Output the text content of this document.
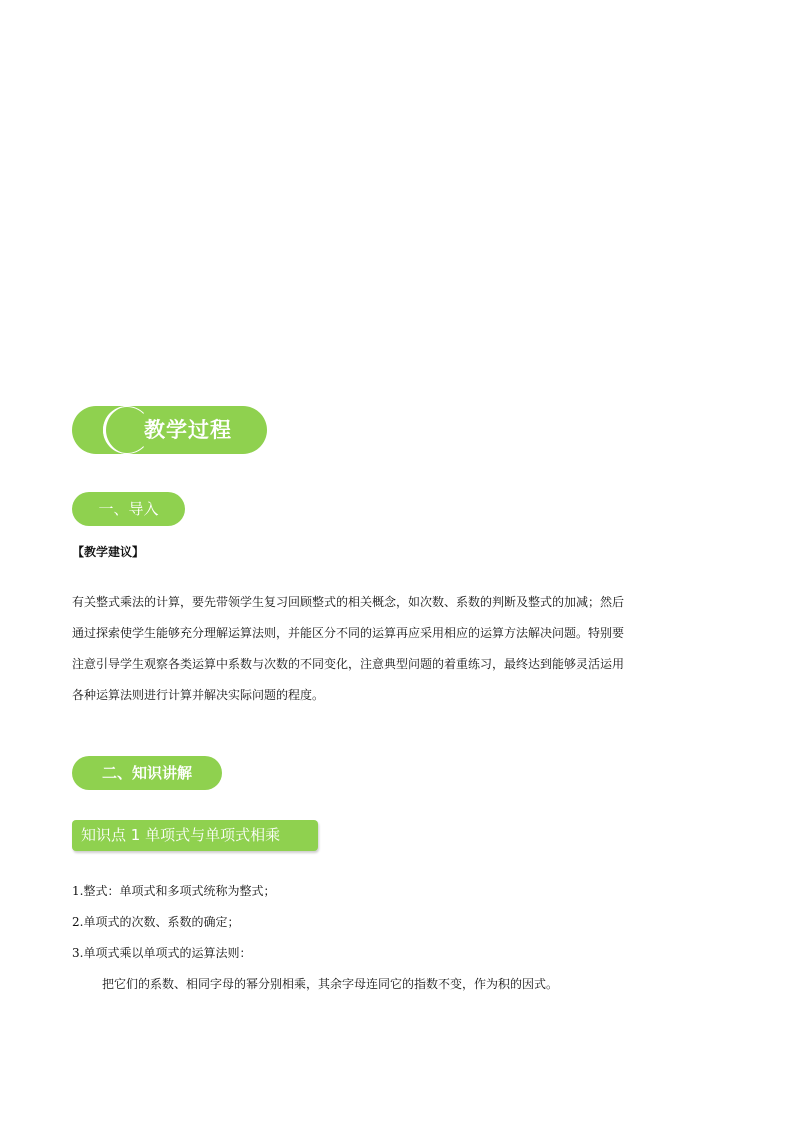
教学过程
一、导入
【教学建议】

有关整式乘法的计算，要先带领学生复习回顾整式的相关概念，如次数、系数的判断及整式的加减；然后
通过探索使学生能够充分理解运算法则，并能区分不同的运算再应采用相应的运算方法解决问题。特别要
注意引导学生观察各类运算中系数与次数的不同变化，注意典型问题的着重练习，最终达到能够灵活运用
各种运算法则进行计算并解决实际问题的程度。

二、知识讲解
知识点 1 单项式与单项式相乘
1.整式：单项式和多项式统称为整式；
2.单项式的次数、系数的确定；
3.单项式乘以单项式的运算法则：
把它们的系数、相同字母的幂分别相乘，其余字母连同它的指数不变，作为积的因式。
